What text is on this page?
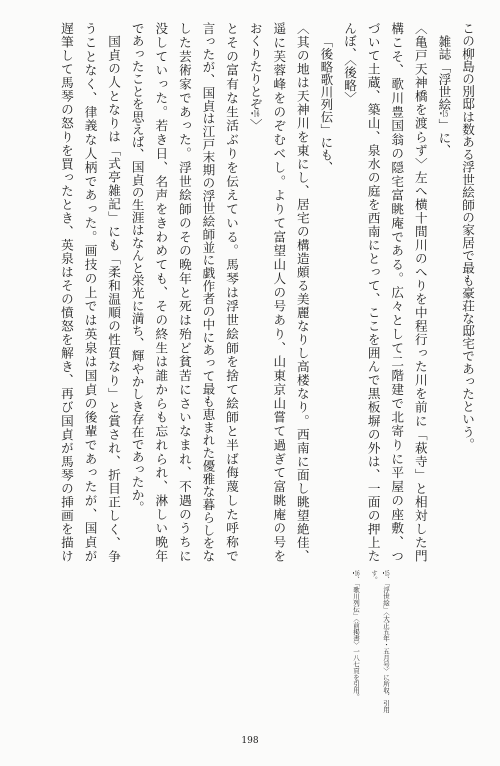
この柳島の別邸は数ある浮世絵師の家居で最も豪荘な邸宅であったという。
雑誌「浮世絵•15」に、
〈亀戸天神橋を渡らず〉左へ横十間川のへりを中程行った川を前に「萩寺」と相対した門
構こそ、歌川豊国翁の隠宅富眺庵である。広々として二階建で北寄りに平屋の座敷、つ
づいて土蔵、築山、泉水の庭を西南にとって、ここを囲んで黒板塀の外は、一面の押上た
んぼ、〈後略〉
「後略歌川列伝」にも、
〈其の地は天神川を東にし、居宅の構造頗る美麗なりし高楼なり。西南に面し眺望絶佳、
遥に芙蓉峰をのぞむべし。よりて富望山人の号あり、山東京山嘗て過ぎて富眺庵の号を
おくりたりとぞ•16〉
とその富有な生活ぶりを伝えている。馬琴は浮世絵師を捨て絵師と半ば侮蔑した呼称で
言ったが、国貞は江戸末期の浮世絵師並に戯作者の中にあって最も恵まれた優雅な暮らしをな
した芸術家であった。浮世絵師のその晩年と死は殆ど貧苦にさいなまれ、不遇のうちに
没していった。若き日、名声をきわめても、その終生は誰からも忘れられ、淋しい晩年
であったことを思えば、国貞の生涯はなんと栄光に満ち、輝やかしき存在であったか。
国貞の人となりは「式亭雑記」にも「柔和温順の性質なり」と賞され、折目正しく、争
うことなく、律義な人柄であった。画技の上では英泉は国貞の後輩であったが、国貞が
遅筆して馬琴の怒りを買ったとき、英泉はその憤怒を解き、再び国貞が馬琴の挿画を描け
•15、「浮世絵」〈大正五年・五月号〉に所収、引用す。
•16、「歌川列伝」〈前掲書〉一八七頁を引用。
198
